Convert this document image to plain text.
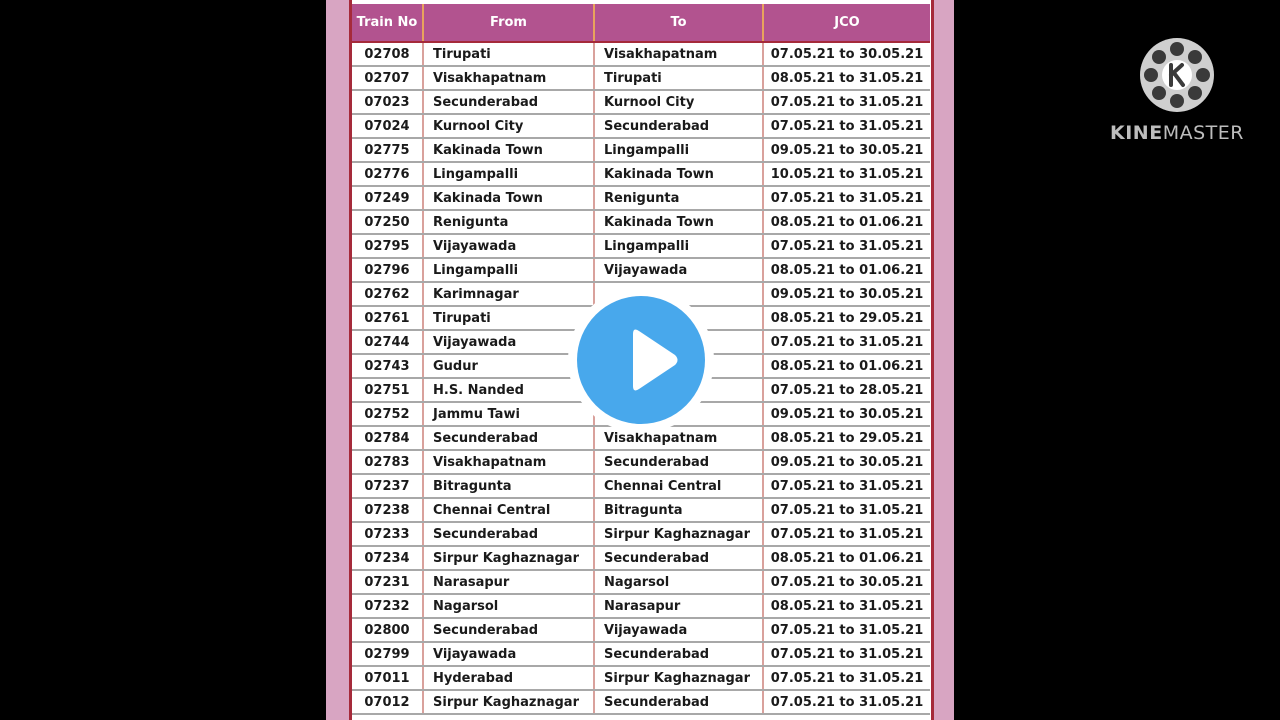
Train No	From	To	JCO
02708	Tirupati	Visakhapatnam	07.05.21 to 30.05.21
02707	Visakhapatnam	Tirupati	08.05.21 to 31.05.21
07023	Secunderabad	Kurnool City	07.05.21 to 31.05.21
07024	Kurnool City	Secunderabad	07.05.21 to 31.05.21
02775	Kakinada Town	Lingampalli	09.05.21 to 30.05.21
02776	Lingampalli	Kakinada Town	10.05.21 to 31.05.21
07249	Kakinada Town	Renigunta	07.05.21 to 31.05.21
07250	Renigunta	Kakinada Town	08.05.21 to 01.06.21
02795	Vijayawada	Lingampalli	07.05.21 to 31.05.21
02796	Lingampalli	Vijayawada	08.05.21 to 01.06.21
02762	Karimnagar		09.05.21 to 30.05.21
02761	Tirupati		08.05.21 to 29.05.21
02744	Vijayawada		07.05.21 to 31.05.21
02743	Gudur		08.05.21 to 01.06.21
02751	H.S. Nanded		07.05.21 to 28.05.21
02752	Jammu Tawi		09.05.21 to 30.05.21
02784	Secunderabad	Visakhapatnam	08.05.21 to 29.05.21
02783	Visakhapatnam	Secunderabad	09.05.21 to 30.05.21
07237	Bitragunta	Chennai Central	07.05.21 to 31.05.21
07238	Chennai Central	Bitragunta	07.05.21 to 31.05.21
07233	Secunderabad	Sirpur Kaghaznagar	07.05.21 to 31.05.21
07234	Sirpur Kaghaznagar	Secunderabad	08.05.21 to 01.06.21
07231	Narasapur	Nagarsol	07.05.21 to 30.05.21
07232	Nagarsol	Narasapur	08.05.21 to 31.05.21
02800	Secunderabad	Vijayawada	07.05.21 to 31.05.21
02799	Vijayawada	Secunderabad	07.05.21 to 31.05.21
07011	Hyderabad	Sirpur Kaghaznagar	07.05.21 to 31.05.21
07012	Sirpur Kaghaznagar	Secunderabad	07.05.21 to 31.05.21
KINEMASTER
